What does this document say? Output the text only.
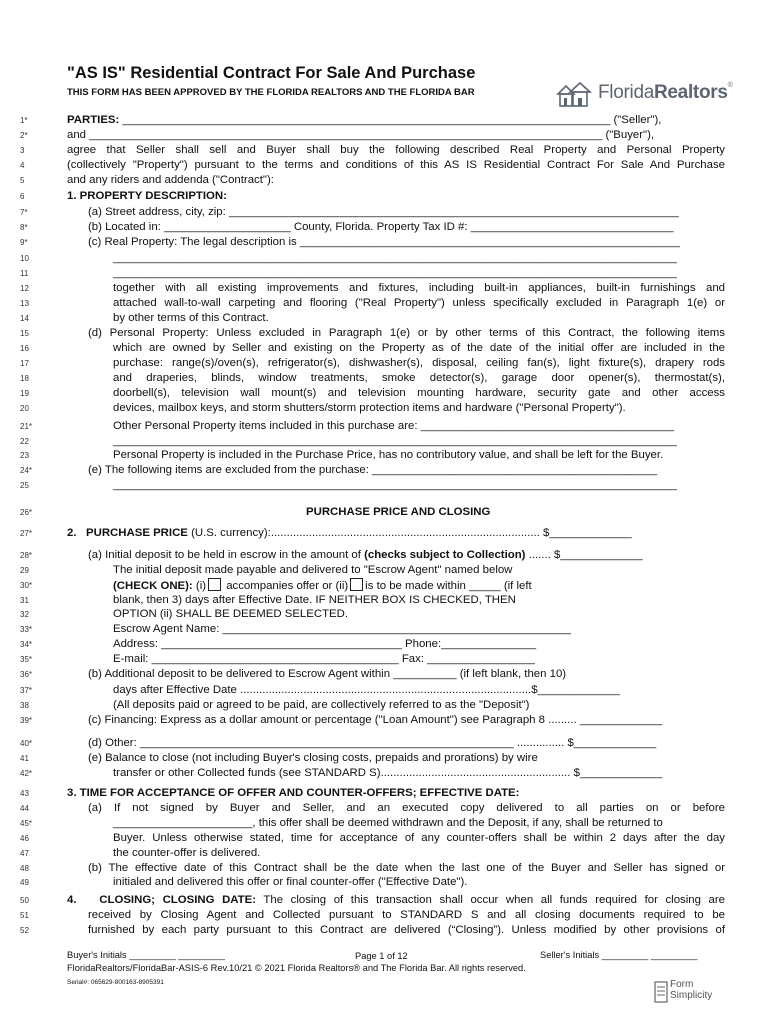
"AS IS" Residential Contract For Sale And Purchase
THIS FORM HAS BEEN APPROVED BY THE FLORIDA REALTORS AND THE FLORIDA BAR	FloridaRealtors®
1*	PARTIES: _____________________________________________________________________________ ("Seller"),
2*	and _________________________________________________________________________________ ("Buyer"),
3	agree that Seller shall sell and Buyer shall buy the following described Real Property and Personal Property
4	(collectively "Property") pursuant to the terms and conditions of this AS IS Residential Contract For Sale And Purchase
5	and any riders and addenda ("Contract"):
6	1. PROPERTY DESCRIPTION:
7*	(a) Street address, city, zip: _______________________________________________________________________
8*	(b) Located in: ____________________ County, Florida. Property Tax ID #: ________________________________
9*	(c) Real Property: The legal description is ____________________________________________________________
10	_________________________________________________________________________________________
11	_________________________________________________________________________________________
12	together with all existing improvements and fixtures, including built-in appliances, built-in furnishings and
13	attached wall-to-wall carpeting and flooring ("Real Property") unless specifically excluded in Paragraph 1(e) or
14	by other terms of this Contract.
15	(d) Personal Property: Unless excluded in Paragraph 1(e) or by other terms of this Contract, the following items
16	which are owned by Seller and existing on the Property as of the date of the initial offer are included in the
17	purchase: range(s)/oven(s), refrigerator(s), dishwasher(s), disposal, ceiling fan(s), light fixture(s), drapery rods
18	and draperies, blinds, window treatments, smoke detector(s), garage door opener(s), thermostat(s),
19	doorbell(s), television wall mount(s) and television mounting hardware, security gate and other access
20	devices, mailbox keys, and storm shutters/storm protection items and hardware ("Personal Property").
21*	Other Personal Property items included in this purchase are: ________________________________________
22	_________________________________________________________________________________________
23	Personal Property is included in the Purchase Price, has no contributory value, and shall be left for the Buyer.
24*	(e) The following items are excluded from the purchase: _____________________________________________
25	_________________________________________________________________________________________
26*	PURCHASE PRICE AND CLOSING
27*	2.   PURCHASE PRICE (U.S. currency):..................................................................................... $_____________
28*	(a) Initial deposit to be held in escrow in the amount of (checks subject to Collection) ....... $_____________
29	The initial deposit made payable and delivered to "Escrow Agent" named below
30*	(CHECK ONE): (i) accompanies offer or (ii) is to be made within _____ (if left
31	blank, then 3) days after Effective Date. IF NEITHER BOX IS CHECKED, THEN
32	OPTION (ii) SHALL BE DEEMED SELECTED.
33*	Escrow Agent Name: _______________________________________________________
34*	Address: ______________________________________ Phone:_______________
35*	E-mail: _______________________________________ Fax: _________________
36*	(b) Additional deposit to be delivered to Escrow Agent within __________ (if left blank, then 10)
37*	days after Effective Date ............................................................................................$_____________
38	(All deposits paid or agreed to be paid, are collectively referred to as the "Deposit")
39*	(c) Financing: Express as a dollar amount or percentage ("Loan Amount") see Paragraph 8 ......... _____________
40*	(d) Other: ___________________________________________________________ ............... $_____________
41	(e) Balance to close (not including Buyer's closing costs, prepaids and prorations) by wire
42*	transfer or other Collected funds (see STANDARD S)............................................................ $_____________
43	3. TIME FOR ACCEPTANCE OF OFFER AND COUNTER-OFFERS; EFFECTIVE DATE:
44	(a) If not signed by Buyer and Seller, and an executed copy delivered to all parties on or before
45*	______________________, this offer shall be deemed withdrawn and the Deposit, if any, shall be returned to
46	Buyer. Unless otherwise stated, time for acceptance of any counter-offers shall be within 2 days after the day
47	the counter-offer is delivered.
48	(b) The effective date of this Contract shall be the date when the last one of the Buyer and Seller has signed or
49	initialed and delivered this offer or final counter-offer ("Effective Date").
50	4.   CLOSING; CLOSING DATE: The closing of this transaction shall occur when all funds required for closing are
51	received by Closing Agent and Collected pursuant to STANDARD S and all closing documents required to be
52	furnished by each party pursuant to this Contract are delivered (“Closing”). Unless modified by other provisions of
Buyer's Initials _________ _________	Page 1 of 12	Seller's Initials _________ _________
FloridaRealtors/FloridaBar-ASIS-6 Rev.10/21 © 2021 Florida Realtors® and The Florida Bar. All rights reserved.
Serial#: 065629-800163-8905391	Form
Simplicity
